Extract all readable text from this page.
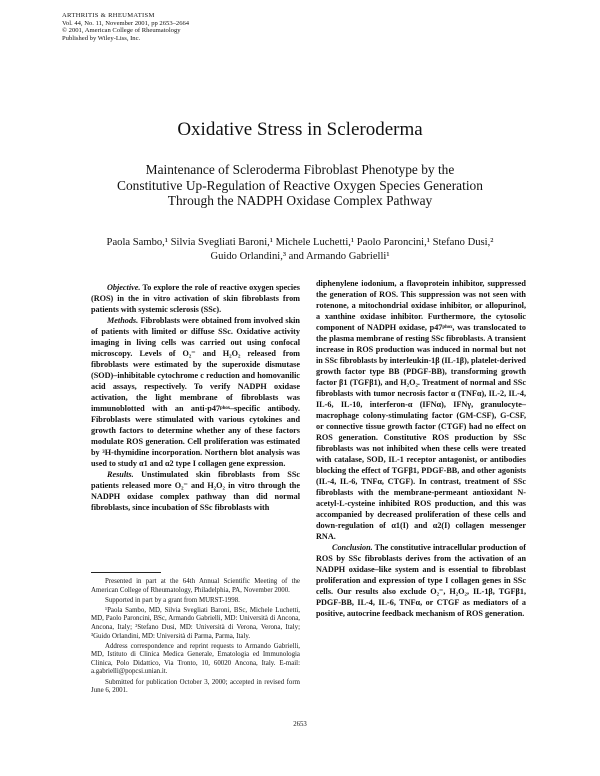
ARTHRITIS & RHEUMATISM
Vol. 44, No. 11, November 2001, pp 2653–2664
© 2001, American College of Rheumatology
Published by Wiley-Liss, Inc.
Oxidative Stress in Scleroderma
Maintenance of Scleroderma Fibroblast Phenotype by the
Constitutive Up-Regulation of Reactive Oxygen Species Generation
Through the NADPH Oxidase Complex Pathway
Paola Sambo,¹ Silvia Svegliati Baroni,¹ Michele Luchetti,¹ Paolo Paroncini,¹ Stefano Dusi,²
Guido Orlandini,³ and Armando Gabrielli¹

Objective. To explore the role of reactive oxygen species (ROS) in the in vitro activation of skin fibroblasts from patients with systemic sclerosis (SSc).

Methods. Fibroblasts were obtained from involved skin of patients with limited or diffuse SSc. Oxidative activity imaging in living cells was carried out using confocal microscopy. Levels of O₂⁻ and H₂O₂ released from fibroblasts were estimated by the superoxide dismutase (SOD)–inhibitable cytochrome c reduction and homovanilic acid assays, respectively. To verify NADPH oxidase activation, the light membrane of fibroblasts was immunoblotted with an anti-p47ᵖʰᵒˣ–specific antibody. Fibroblasts were stimulated with various cytokines and growth factors to determine whether any of these factors modulate ROS generation. Cell proliferation was estimated by ³H-thymidine incorporation. Northern blot analysis was used to study α1 and α2 type I collagen gene expression.

Results. Unstimulated skin fibroblasts from SSc patients released more O₂⁻ and H₂O₂ in vitro through the NADPH oxidase complex pathway than did normal fibroblasts, since incubation of SSc fibroblasts with

Presented in part at the 64th Annual Scientific Meeting of the American College of Rheumatology, Philadelphia, PA, November 2000.

Supported in part by a grant from MURST-1998.

¹Paola Sambo, MD, Silvia Svegliati Baroni, BSc, Michele Luchetti, MD, Paolo Paroncini, BSc, Armando Gabrielli, MD: Università di Ancona, Ancona, Italy; ²Stefano Dusi, MD: Università di Verona, Verona, Italy; ³Guido Orlandini, MD: Università di Parma, Parma, Italy.

Address correspondence and reprint requests to Armando Gabrielli, MD, Istituto di Clinica Medica Generale, Ematologia ed Immunologia Clinica, Polo Didattico, Via Tronto, 10, 60020 Ancona, Italy. E-mail: a.gabrielli@popcsi.unian.it.

Submitted for publication October 3, 2000; accepted in revised form June 6, 2001.

diphenylene iodonium, a flavoprotein inhibitor, suppressed the generation of ROS. This suppression was not seen with rotenone, a mitochondrial oxidase inhibitor, or allopurinol, a xanthine oxidase inhibitor. Furthermore, the cytosolic component of NADPH oxidase, p47ᵖʰᵒˣ, was translocated to the plasma membrane of resting SSc fibroblasts. A transient increase in ROS production was induced in normal but not in SSc fibroblasts by interleukin-1β (IL-1β), platelet-derived growth factor type BB (PDGF-BB), transforming growth factor β1 (TGFβ1), and H₂O₂. Treatment of normal and SSc fibroblasts with tumor necrosis factor α (TNFα), IL-2, IL-4, IL-6, IL-10, interferon-α (IFNα), IFNγ, granulocyte–macrophage colony-stimulating factor (GM-CSF), G-CSF, or connective tissue growth factor (CTGF) had no effect on ROS generation. Constitutive ROS production by SSc fibroblasts was not inhibited when these cells were treated with catalase, SOD, IL-1 receptor antagonist, or antibodies blocking the effect of TGFβ1, PDGF-BB, and other agonists (IL-4, IL-6, TNFα, CTGF). In contrast, treatment of SSc fibroblasts with the membrane-permeant antioxidant N-acetyl-L-cysteine inhibited ROS production, and this was accompanied by decreased proliferation of these cells and down-regulation of α1(I) and α2(I) collagen messenger RNA.

Conclusion. The constitutive intracellular production of ROS by SSc fibroblasts derives from the activation of an NADPH oxidase–like system and is essential to fibroblast proliferation and expression of type I collagen genes in SSc cells. Our results also exclude O₂⁻, H₂O₂, IL-1β, TGFβ1, PDGF-BB, IL-4, IL-6, TNFα, or CTGF as mediators of a positive, autocrine feedback mechanism of ROS generation.

2653
